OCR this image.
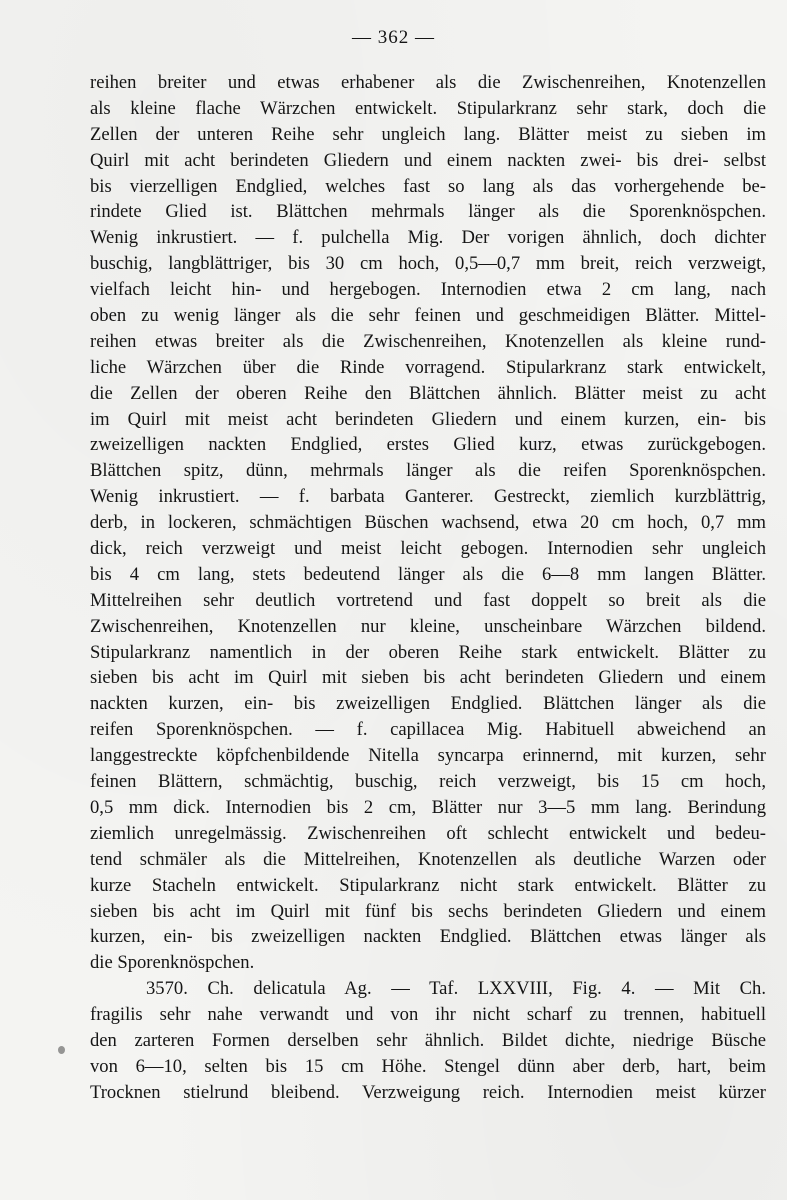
— 362 —
reihen breiter und etwas erhabener als die Zwischenreihen, Knotenzellen
als kleine flache Wärzchen entwickelt. Stipularkranz sehr stark, doch die
Zellen der unteren Reihe sehr ungleich lang. Blätter meist zu sieben im
Quirl mit acht berindeten Gliedern und einem nackten zwei- bis drei- selbst
bis vierzelligen Endglied, welches fast so lang als das vorhergehende be-
rindete Glied ist. Blättchen mehrmals länger als die Sporenknöspchen.
Wenig inkrustiert. — f. pulchella Mig. Der vorigen ähnlich, doch dichter
buschig, langblättriger, bis 30 cm hoch, 0,5—0,7 mm breit, reich verzweigt,
vielfach leicht hin- und hergebogen. Internodien etwa 2 cm lang, nach
oben zu wenig länger als die sehr feinen und geschmeidigen Blätter. Mittel-
reihen etwas breiter als die Zwischenreihen, Knotenzellen als kleine rund-
liche Wärzchen über die Rinde vorragend. Stipularkranz stark entwickelt,
die Zellen der oberen Reihe den Blättchen ähnlich. Blätter meist zu acht
im Quirl mit meist acht berindeten Gliedern und einem kurzen, ein- bis
zweizelligen nackten Endglied, erstes Glied kurz, etwas zurückgebogen.
Blättchen spitz, dünn, mehrmals länger als die reifen Sporenknöspchen.
Wenig inkrustiert. — f. barbata Ganterer. Gestreckt, ziemlich kurzblättrig,
derb, in lockeren, schmächtigen Büschen wachsend, etwa 20 cm hoch, 0,7 mm
dick, reich verzweigt und meist leicht gebogen. Internodien sehr ungleich
bis 4 cm lang, stets bedeutend länger als die 6—8 mm langen Blätter.
Mittelreihen sehr deutlich vortretend und fast doppelt so breit als die
Zwischenreihen, Knotenzellen nur kleine, unscheinbare Wärzchen bildend.
Stipularkranz namentlich in der oberen Reihe stark entwickelt. Blätter zu
sieben bis acht im Quirl mit sieben bis acht berindeten Gliedern und einem
nackten kurzen, ein- bis zweizelligen Endglied. Blättchen länger als die
reifen Sporenknöspchen. — f. capillacea Mig. Habituell abweichend an
langgestreckte köpfchenbildende Nitella syncarpa erinnernd, mit kurzen, sehr
feinen Blättern, schmächtig, buschig, reich verzweigt, bis 15 cm hoch,
0,5 mm dick. Internodien bis 2 cm, Blätter nur 3—5 mm lang. Berindung
ziemlich unregelmässig. Zwischenreihen oft schlecht entwickelt und bedeu-
tend schmäler als die Mittelreihen, Knotenzellen als deutliche Warzen oder
kurze Stacheln entwickelt. Stipularkranz nicht stark entwickelt. Blätter zu
sieben bis acht im Quirl mit fünf bis sechs berindeten Gliedern und einem
kurzen, ein- bis zweizelligen nackten Endglied. Blättchen etwas länger als
die Sporenknöspchen.
3570. Ch. delicatula Ag. — Taf. LXXVIII, Fig. 4. — Mit Ch.
fragilis sehr nahe verwandt und von ihr nicht scharf zu trennen, habituell
den zarteren Formen derselben sehr ähnlich. Bildet dichte, niedrige Büsche
von 6—10, selten bis 15 cm Höhe. Stengel dünn aber derb, hart, beim
Trocknen stielrund bleibend. Verzweigung reich. Internodien meist kürzer
